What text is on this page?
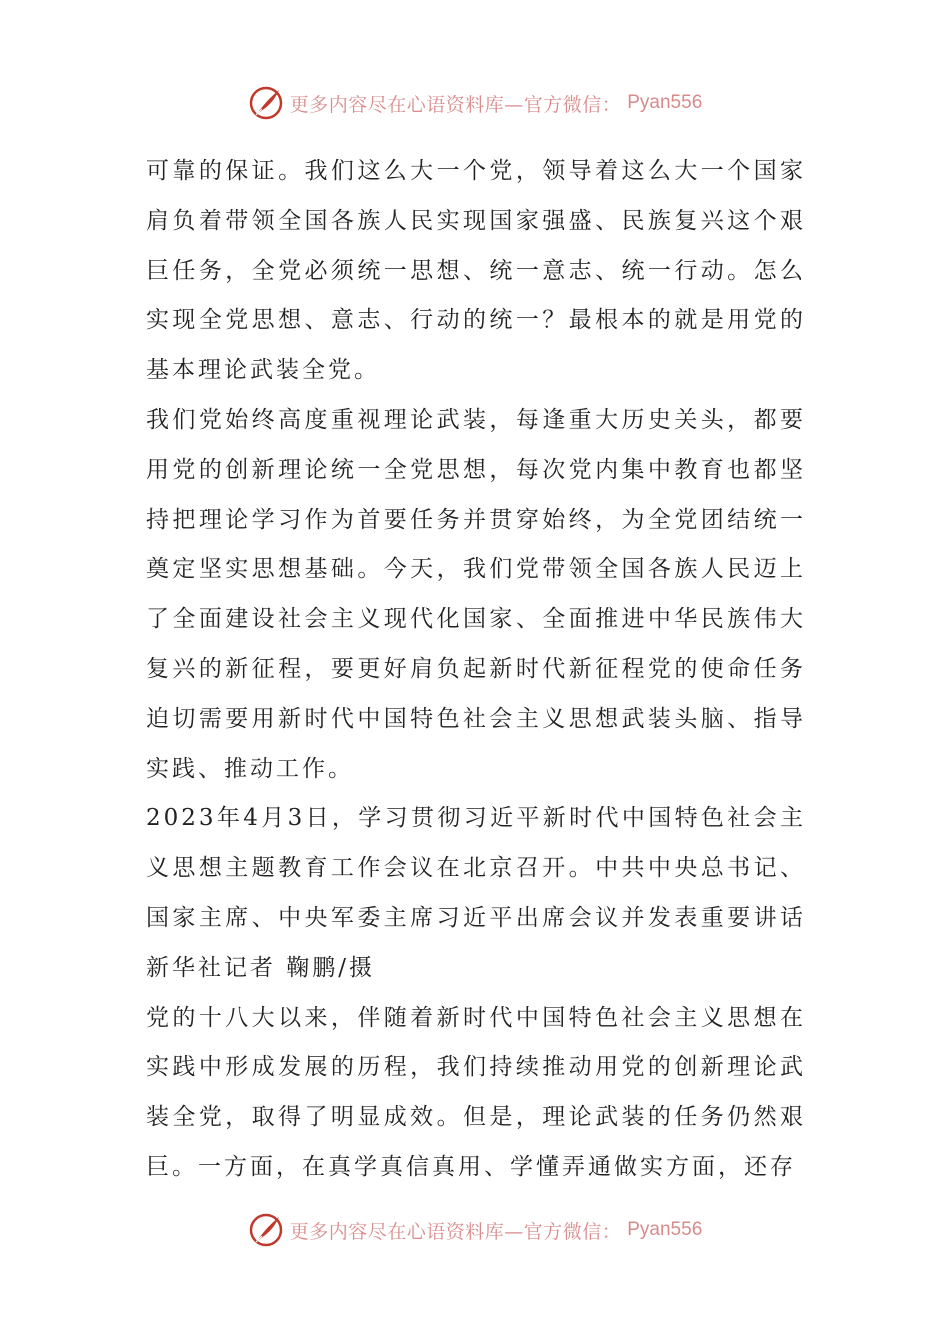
更多内容尽在心语资料库—官方微信： Pyan556

可靠的保证。我们这么大一个党，领导着这么大一个国家肩负着带领全国各族人民实现国家强盛、民族复兴这个艰巨任务，全党必须统一思想、统一意志、统一行动。怎么实现全党思想、意志、行动的统一？最根本的就是用党的基本理论武装全党。

我们党始终高度重视理论武装，每逢重大历史关头，都要用党的创新理论统一全党思想，每次党内集中教育也都坚持把理论学习作为首要任务并贯穿始终，为全党团结统一奠定坚实思想基础。今天，我们党带领全国各族人民迈上了全面建设社会主义现代化国家、全面推进中华民族伟大复兴的新征程，要更好肩负起新时代新征程党的使命任务迫切需要用新时代中国特色社会主义思想武装头脑、指导实践、推动工作。

2023年4月3日，学习贯彻习近平新时代中国特色社会主义思想主题教育工作会议在北京召开。中共中央总书记、国家主席、中央军委主席习近平出席会议并发表重要讲话新华社记者 鞠鹏/摄

党的十八大以来，伴随着新时代中国特色社会主义思想在实践中形成发展的历程，我们持续推动用党的创新理论武装全党，取得了明显成效。但是，理论武装的任务仍然艰巨。一方面，在真学真信真用、学懂弄通做实方面，还存

更多内容尽在心语资料库—官方微信： Pyan556
